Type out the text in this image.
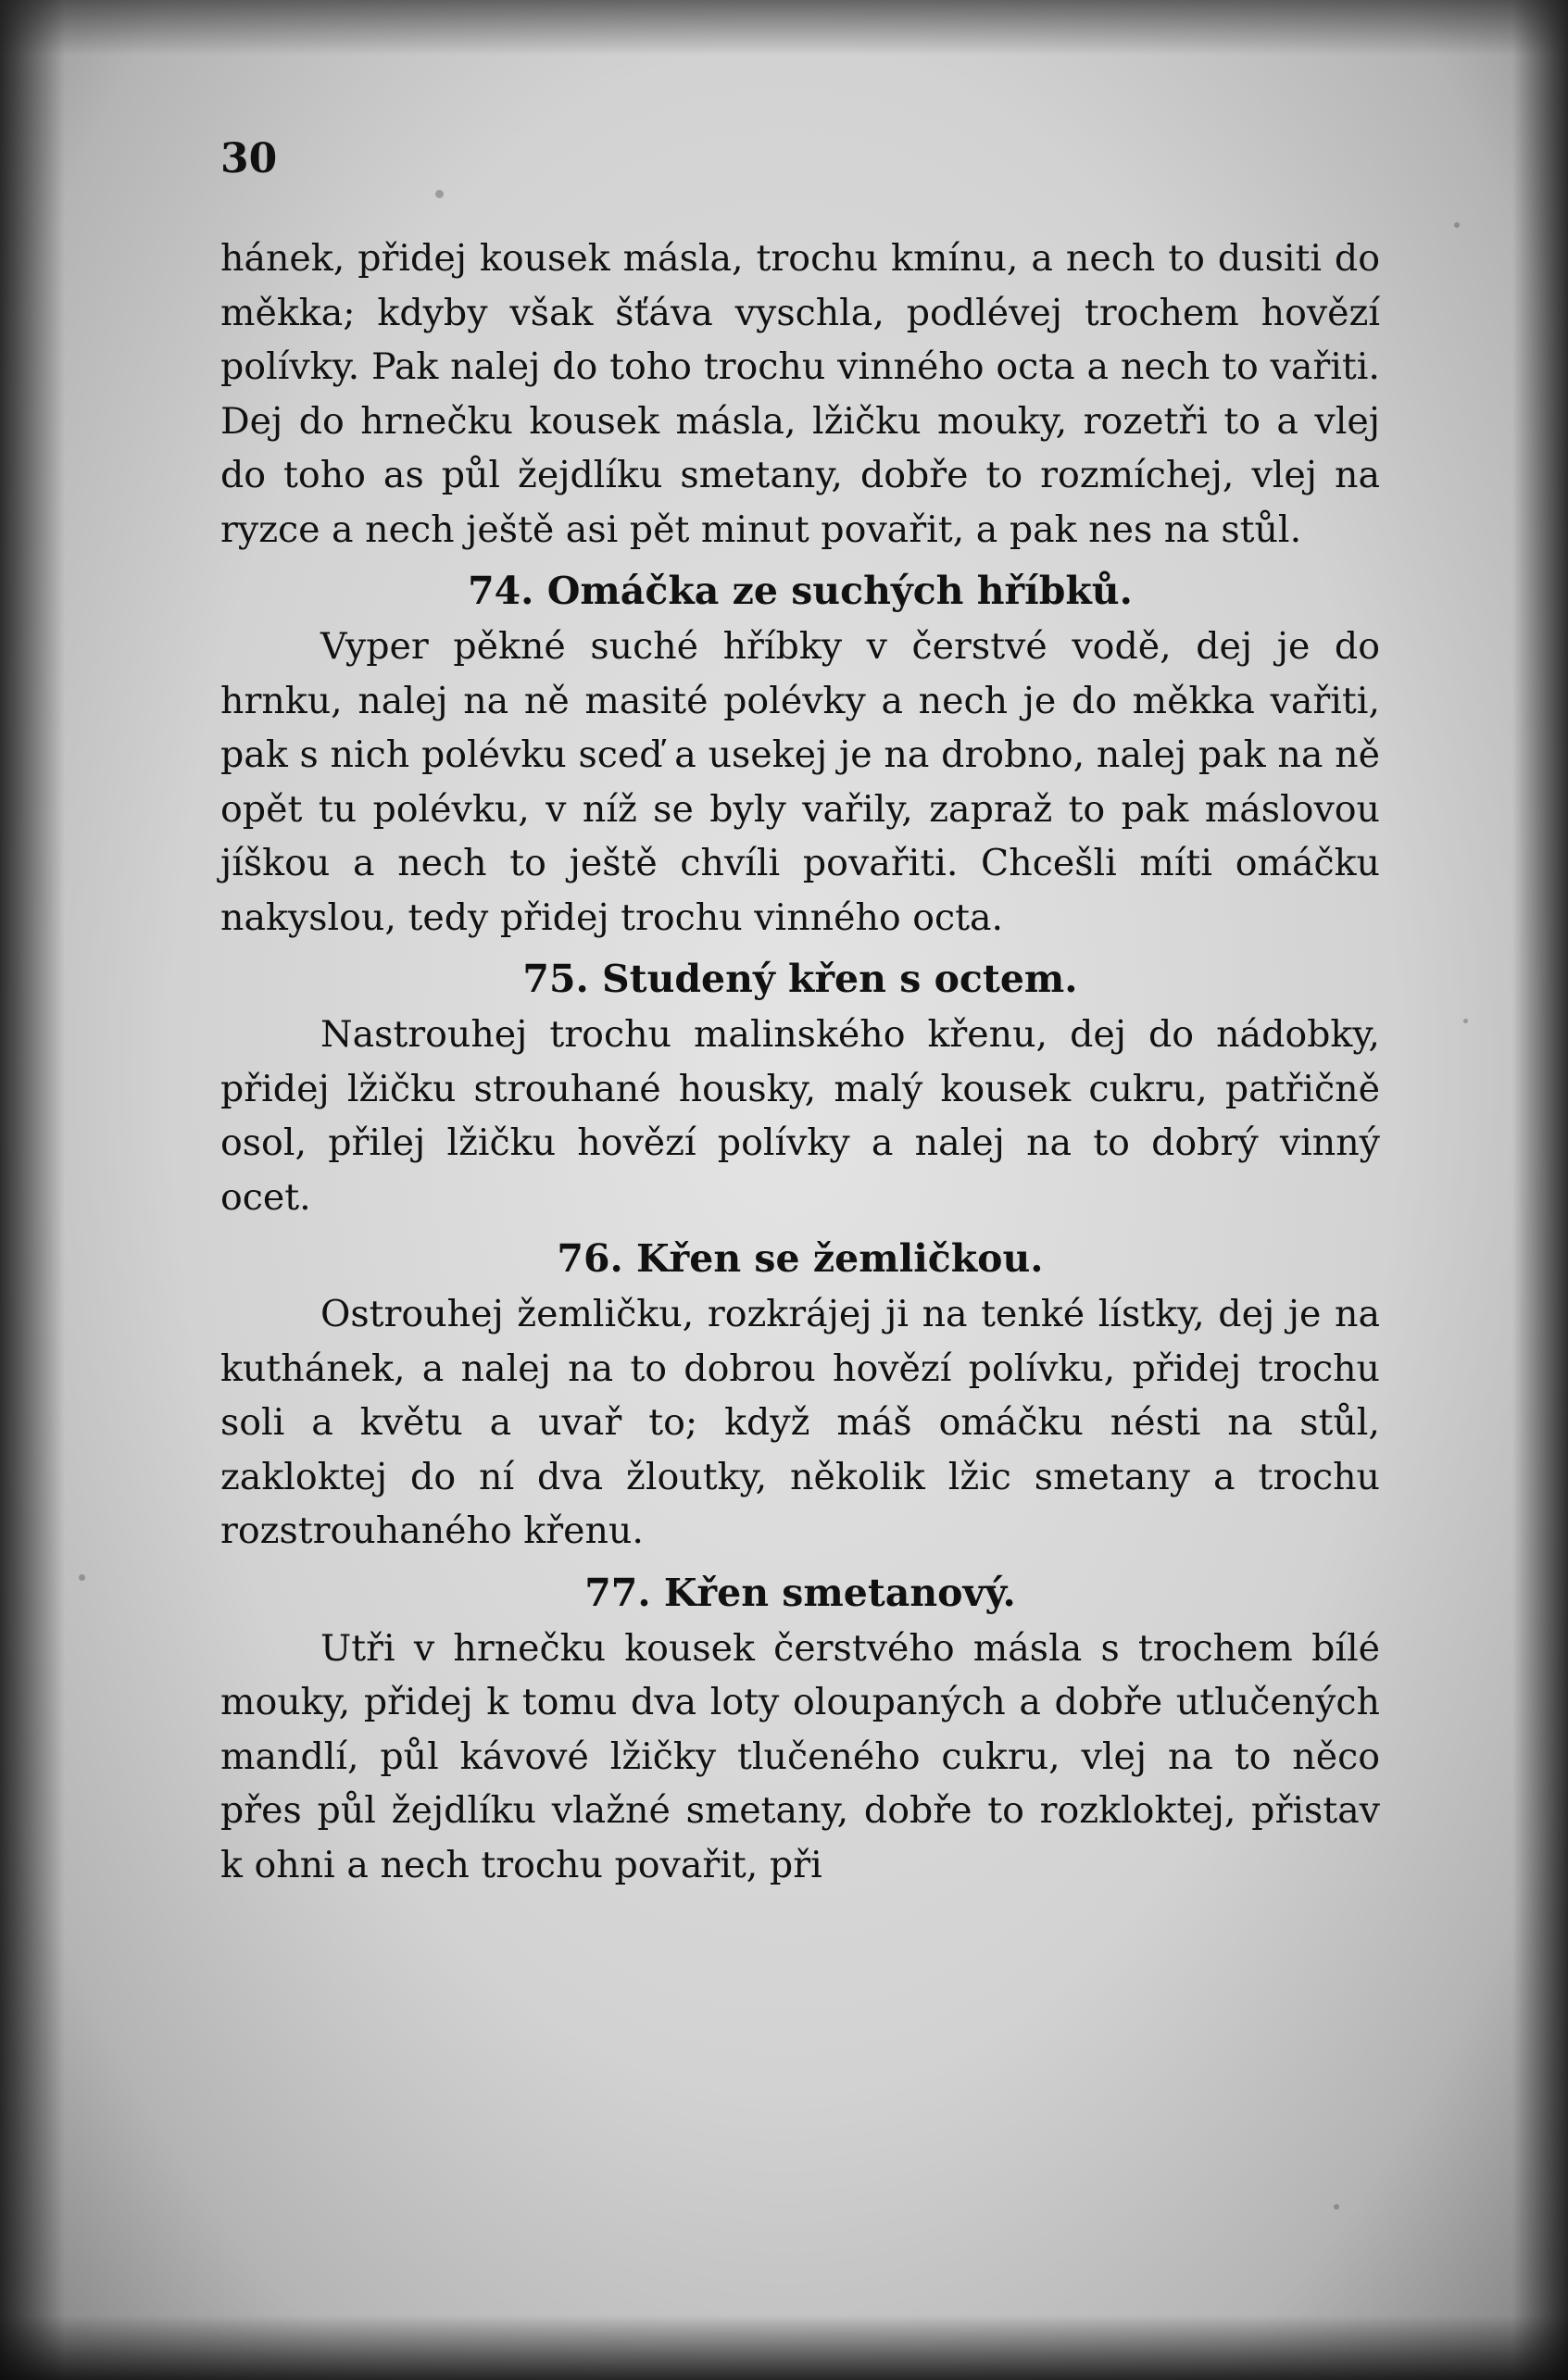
30

hánek, přidej kousek másla, trochu kmínu, a nech to dusiti do měkka; kdyby však šťáva vyschla, podlévej trochem hovězí polívky. Pak nalej do toho trochu vinného octa a nech to vařiti. Dej do hrnečku kousek másla, lžičku mouky, rozetři to a vlej do toho as půl žejdlíku smetany, dobře to rozmíchej, vlej na ryzce a nech ještě asi pět minut povařit, a pak nes na stůl.

74. Omáčka ze suchých hříbků.

Vyper pěkné suché hříbky v čerstvé vodě, dej je do hrnku, nalej na ně masité polévky a nech je do měkka vařiti, pak s nich polévku sceď a usekej je na drobno, nalej pak na ně opět tu polévku, v níž se byly vařily, zapraž to pak máslovou jíškou a nech to ještě chvíli povařiti. Chcešli míti omáčku nakyslou, tedy přidej trochu vinného octa.

75. Studený křen s octem.

Nastrouhej trochu malinského křenu, dej do nádobky, přidej lžičku strouhané housky, malý kousek cukru, patřičně osol, přilej lžičku hovězí polívky a nalej na to dobrý vinný ocet.

76. Křen se žemličkou.

Ostrouhej žemličku, rozkrájej ji na tenké lístky, dej je na kuthánek, a nalej na to dobrou hovězí polívku, přidej trochu soli a květu a uvař to; když máš omáčku nésti na stůl, zakloktej do ní dva žloutky, několik lžic smetany a trochu rozstrouhaného křenu.

77. Křen smetanový.

Utři v hrnečku kousek čerstvého másla s trochem bílé mouky, přidej k tomu dva loty oloupaných a dobře utlučených mandlí, půl kávové lžičky tlučeného cukru, vlej na to něco přes půl žejdlíku vlažné smetany, dobře to rozkloktej, přistav k ohni a nech trochu povařit, při
